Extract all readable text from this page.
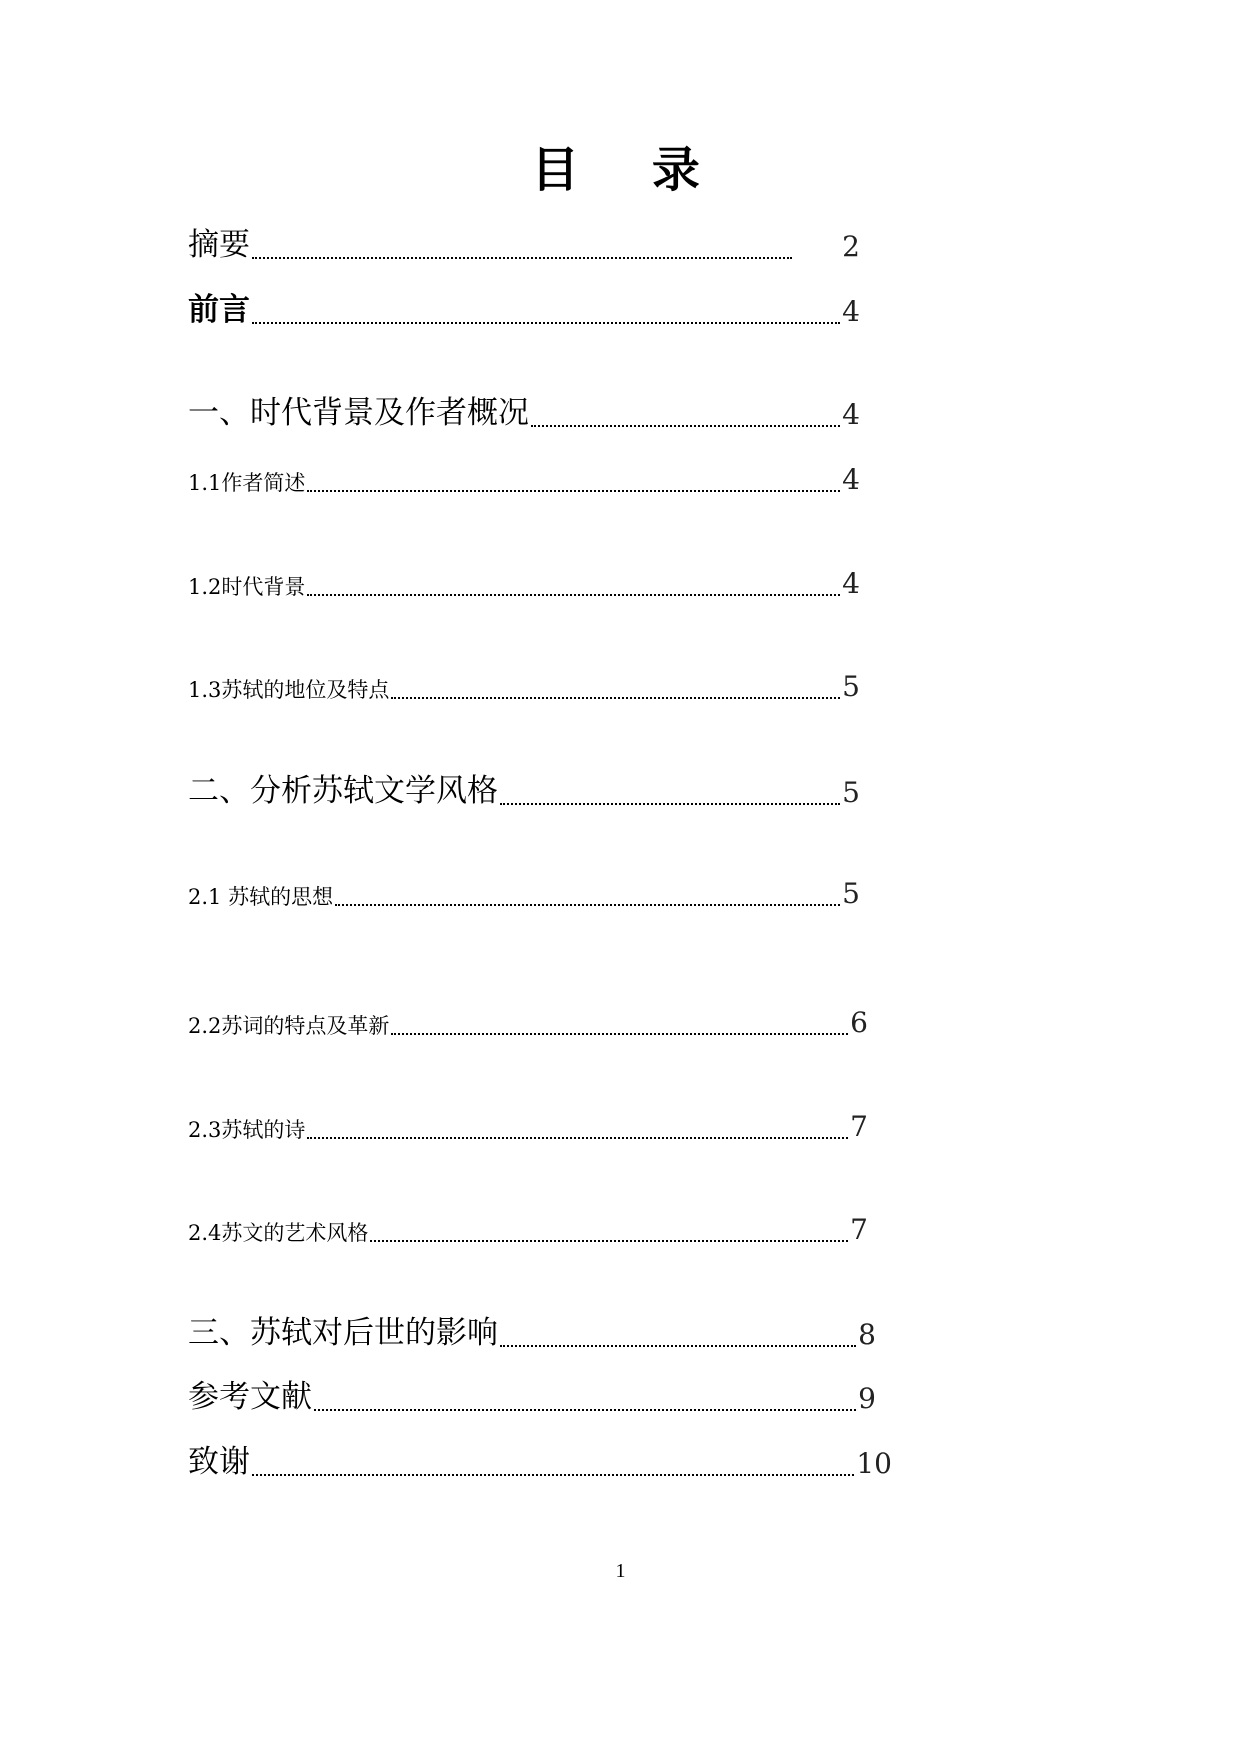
目 录
摘要	2
前言	4
一、时代背景及作者概况	4
1.1作者简述	4
1.2时代背景	4
1.3苏轼的地位及特点	5
二、分析苏轼文学风格	5
2.1 苏轼的思想	5
2.2苏词的特点及革新	6
2.3苏轼的诗	7
2.4苏文的艺术风格	7
三、苏轼对后世的影响	8
参考文献	9
致谢	10
1
